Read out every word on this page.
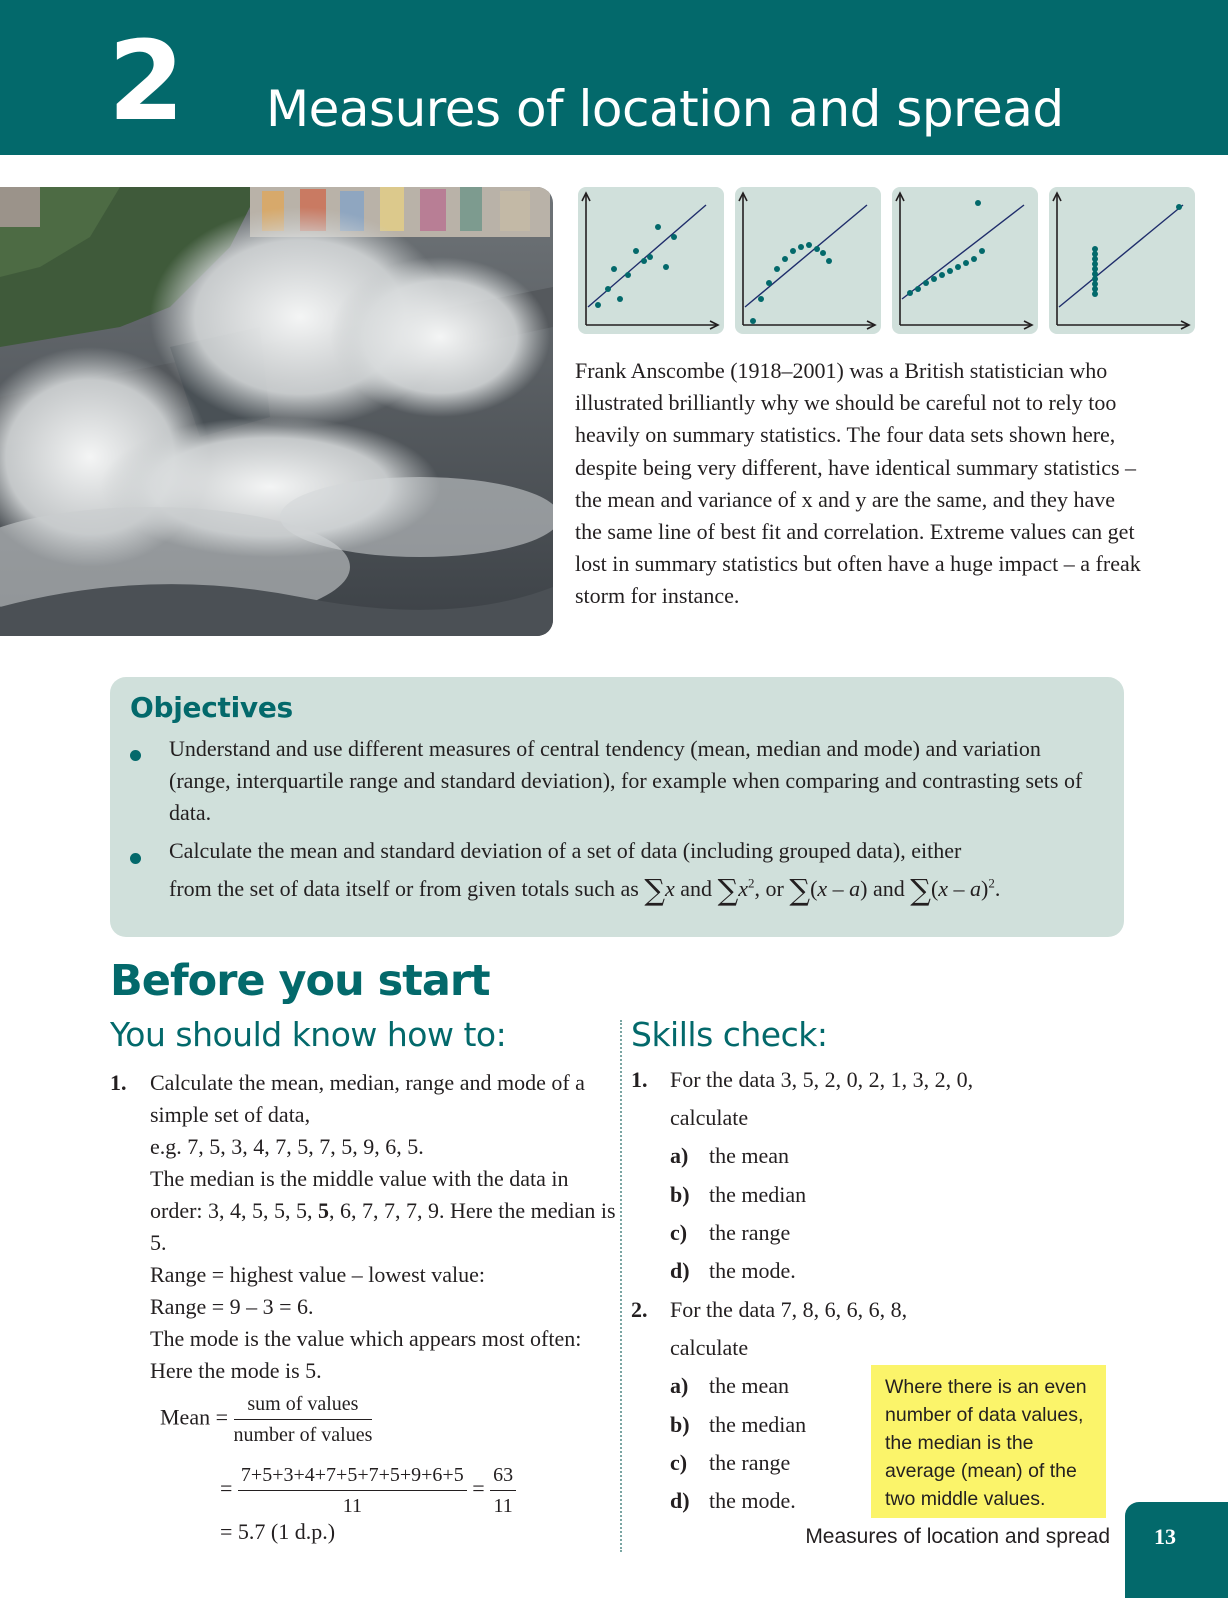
2 Measures of location and spread
Frank Anscombe (1918–2001) was a British statistician who illustrated brilliantly why we should be careful not to rely too heavily on summary statistics. The four data sets shown here, despite being very different, have identical summary statistics – the mean and variance of x and y are the same, and they have the same line of best fit and correlation. Extreme values can get lost in summary statistics but often have a huge impact – a freak storm for instance.
Objectives
Understand and use different measures of central tendency (mean, median and mode) and variation (range, interquartile range and standard deviation), for example when comparing and contrasting sets of data.
Calculate the mean and standard deviation of a set of data (including grouped data), either
from the set of data itself or from given totals such as ∑x and $\sum x^2$, or ∑(x – a) and ∑(x – a)$^2$.
Before you start
You should know how to:	Skills check:
1. Calculate the mean, median, range and mode of a simple set of data,

e.g. 7, 5, 3, 4, 7, 5, 7, 5, 9, 6, 5.

The median is the middle value with the data in order: 3, 4, 5, 5, 5, 5, 6, 7, 7, 7, 9. Here the median is 5.

Range = highest value – lowest value:

Range = 9 – 3 = 6.

The mode is the value which appears most often: Here the mode is 5.

Mean = $\frac{\text{sum of values}}{\text{number of values}}$
= $\frac{7+5+3+4+7+5+7+5+9+6+5}{11} = \frac{63}{11}$
= 5.7 (1 d.p.)
1. For the data 3, 5, 2, 0, 2, 1, 3, 2, 0,
calculate
a) the mean
b) the median
c) the range
d) the mode.
2. For the data 7, 8, 6, 6, 6, 8,
calculate
a) the mean
b) the median
c) the range
d) the mode.
Where there is an even number of data values, the median is the average (mean) of the two middle values.
Measures of location and spread	13
